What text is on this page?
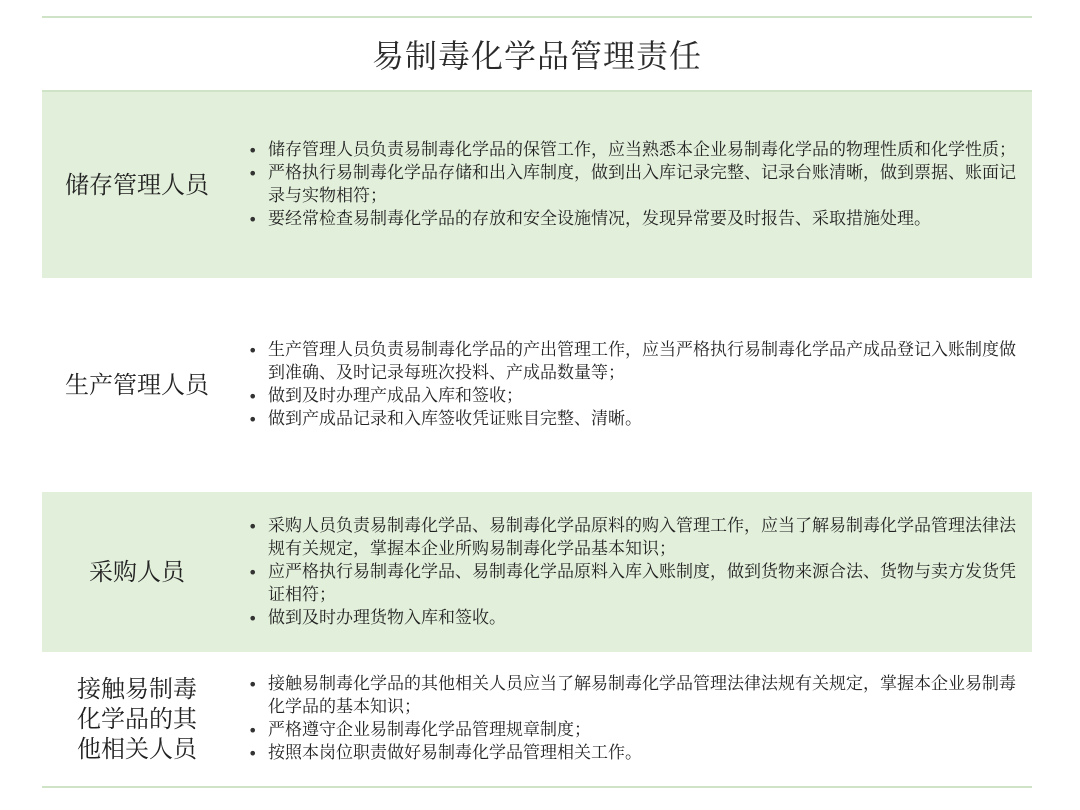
易制毒化学品管理责任
储存管理人员
• 储存管理人员负责易制毒化学品的保管工作，应当熟悉本企业易制毒化学品的物理性质和化学性质；
• 严格执行易制毒化学品存储和出入库制度，做到出入库记录完整、记录台账清晰，做到票据、账面记录与实物相符；
• 要经常检查易制毒化学品的存放和安全设施情况，发现异常要及时报告、采取措施处理。
生产管理人员
• 生产管理人员负责易制毒化学品的产出管理工作，应当严格执行易制毒化学品产成品登记入账制度做到准确、及时记录每班次投料、产成品数量等；
• 做到及时办理产成品入库和签收；
• 做到产成品记录和入库签收凭证账目完整、清晰。
采购人员
• 采购人员负责易制毒化学品、易制毒化学品原料的购入管理工作，应当了解易制毒化学品管理法律法规有关规定，掌握本企业所购易制毒化学品基本知识；
• 应严格执行易制毒化学品、易制毒化学品原料入库入账制度，做到货物来源合法、货物与卖方发货凭证相符；
• 做到及时办理货物入库和签收。
接触易制毒化学品的其他相关人员
• 接触易制毒化学品的其他相关人员应当了解易制毒化学品管理法律法规有关规定，掌握本企业易制毒化学品的基本知识；
• 严格遵守企业易制毒化学品管理规章制度；
• 按照本岗位职责做好易制毒化学品管理相关工作。
